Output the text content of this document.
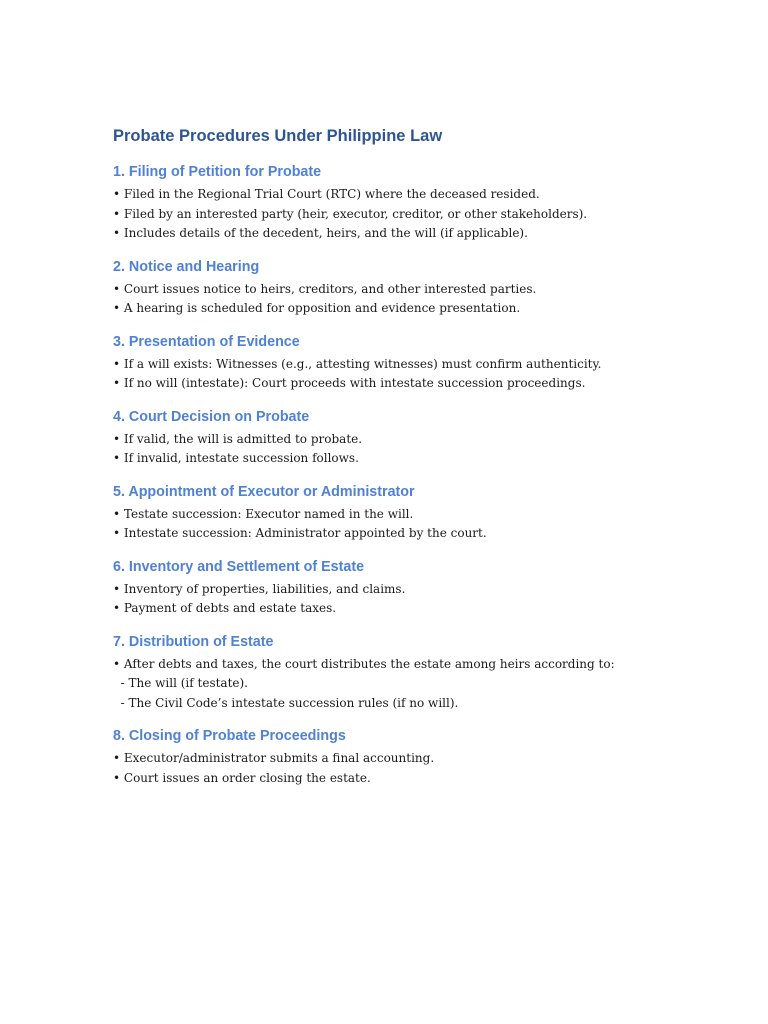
Probate Procedures Under Philippine Law
1. Filing of Petition for Probate

• Filed in the Regional Trial Court (RTC) where the deceased resided.

• Filed by an interested party (heir, executor, creditor, or other stakeholders).

• Includes details of the decedent, heirs, and the will (if applicable).

2. Notice and Hearing

• Court issues notice to heirs, creditors, and other interested parties.

• A hearing is scheduled for opposition and evidence presentation.

3. Presentation of Evidence

• If a will exists: Witnesses (e.g., attesting witnesses) must confirm authenticity.

• If no will (intestate): Court proceeds with intestate succession proceedings.

4. Court Decision on Probate

• If valid, the will is admitted to probate.

• If invalid, intestate succession follows.

5. Appointment of Executor or Administrator

• Testate succession: Executor named in the will.

• Intestate succession: Administrator appointed by the court.

6. Inventory and Settlement of Estate

• Inventory of properties, liabilities, and claims.

• Payment of debts and estate taxes.

7. Distribution of Estate

• After debts and taxes, the court distributes the estate among heirs according to:

- The will (if testate).

- The Civil Code’s intestate succession rules (if no will).

8. Closing of Probate Proceedings

• Executor/administrator submits a final accounting.

• Court issues an order closing the estate.
